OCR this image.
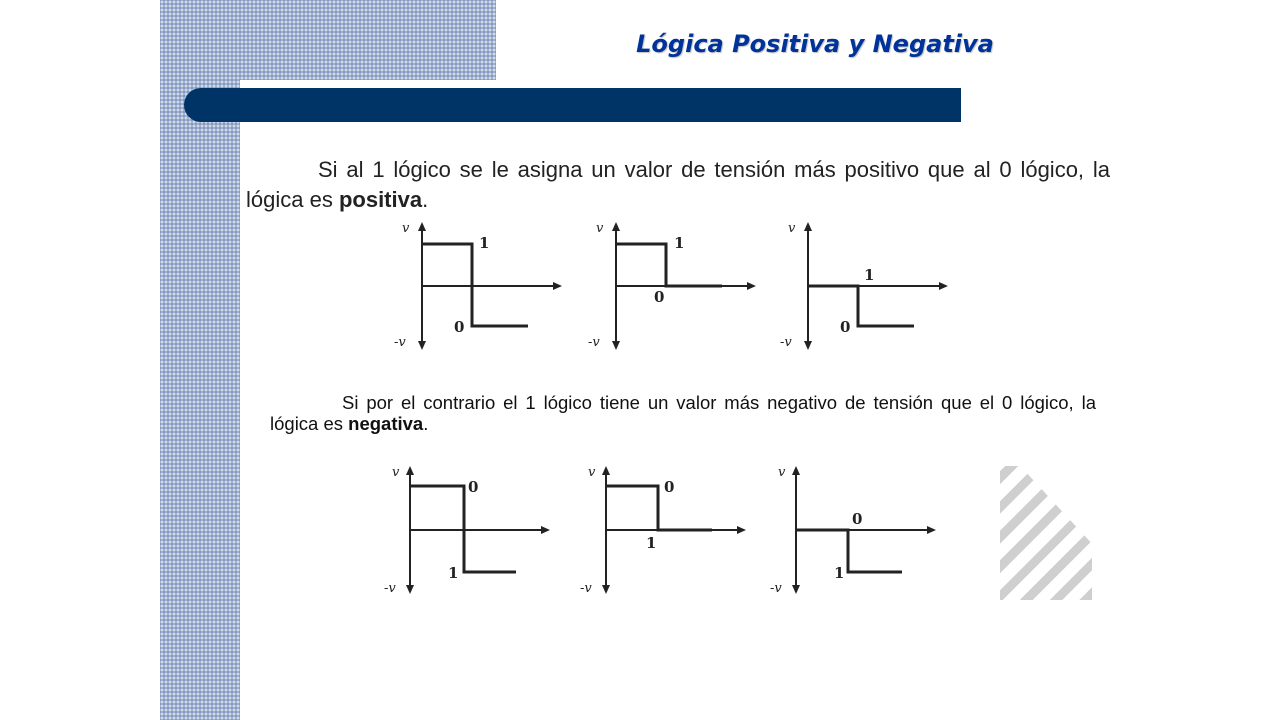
Lógica Positiva y Negativa

Si al 1 lógico se le asigna un valor de tensión más positivo que al 0 lógico, la lógica es positiva.

1
0
v
-v
1
0
v
-v
1
0
v
-v

Si por el contrario el 1 lógico tiene un valor más negativo de tensión que el 0 lógico, la lógica es negativa.

0
1
v
-v
0
1
v
-v
0
1
v
-v
